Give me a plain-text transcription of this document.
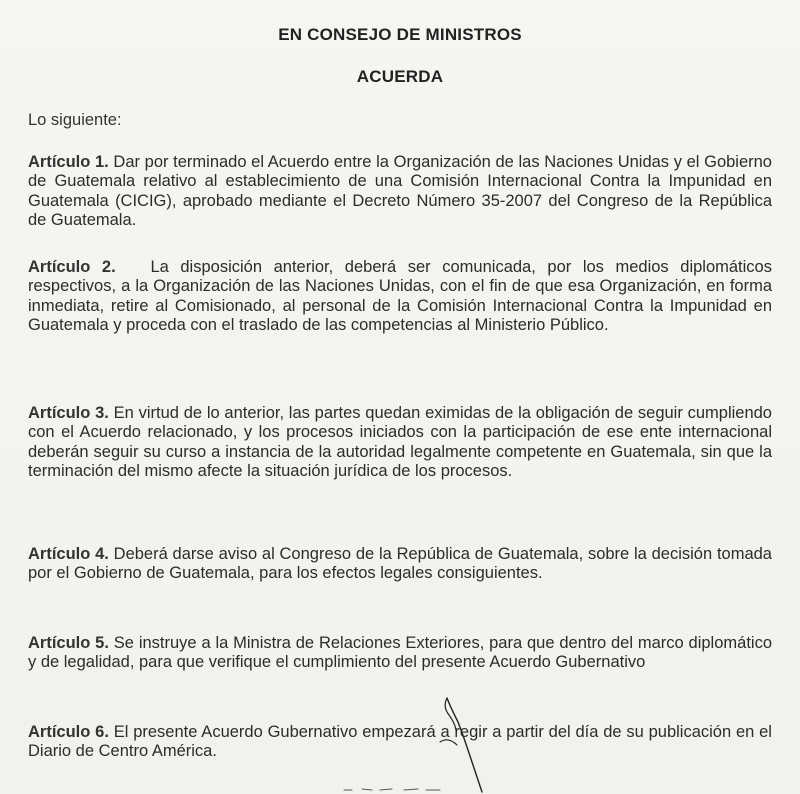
EN CONSEJO DE MINISTROS
ACUERDA
Lo siguiente:
Artículo 1. Dar por terminado el Acuerdo entre la Organización de las Naciones Unidas y el Gobierno de Guatemala relativo al establecimiento de una Comisión Internacional Contra la Impunidad en Guatemala (CICIG), aprobado mediante el Decreto Número 35-2007 del Congreso de la República de Guatemala.
Artículo 2. La disposición anterior, deberá ser comunicada, por los medios diplomáticos respectivos, a la Organización de las Naciones Unidas, con el fin de que esa Organización, en forma inmediata, retire al Comisionado, al personal de la Comisión Internacional Contra la Impunidad en Guatemala y proceda con el traslado de las competencias al Ministerio Público.
Artículo 3. En virtud de lo anterior, las partes quedan eximidas de la obligación de seguir cumpliendo con el Acuerdo relacionado, y los procesos iniciados con la participación de ese ente internacional deberán seguir su curso a instancia de la autoridad legalmente competente en Guatemala, sin que la terminación del mismo afecte la situación jurídica de los procesos.
Artículo 4. Deberá darse aviso al Congreso de la República de Guatemala, sobre la decisión tomada por el Gobierno de Guatemala, para los efectos legales consiguientes.
Artículo 5. Se instruye a la Ministra de Relaciones Exteriores, para que dentro del marco diplomático y de legalidad, para que verifique el cumplimiento del presente Acuerdo Gubernativo
Artículo 6. El presente Acuerdo Gubernativo empezará a regir a partir del día de su publicación en el Diario de Centro América.
